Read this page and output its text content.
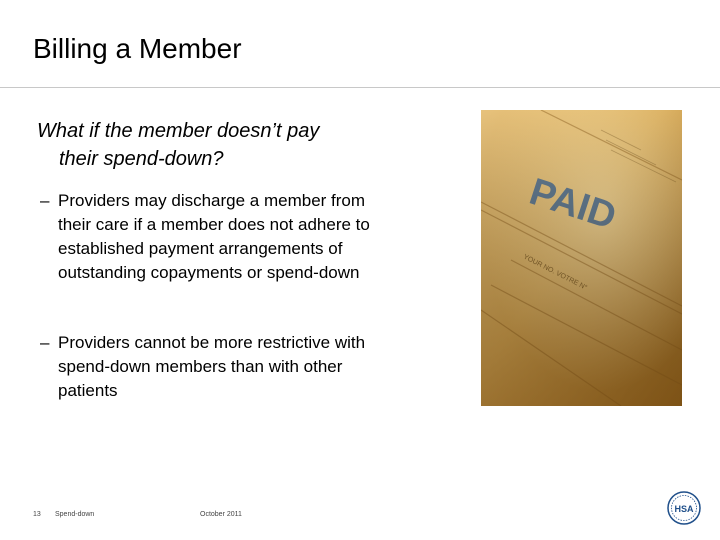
Billing a Member
What if the member doesn’t pay
their spend-down?
– Providers may discharge a member from their care if a member does not adhere to established payment arrangements of outstanding copayments or spend-down
– Providers cannot be more restrictive with spend-down members than with other patients
13 Spend-down	October 2011
HSA
